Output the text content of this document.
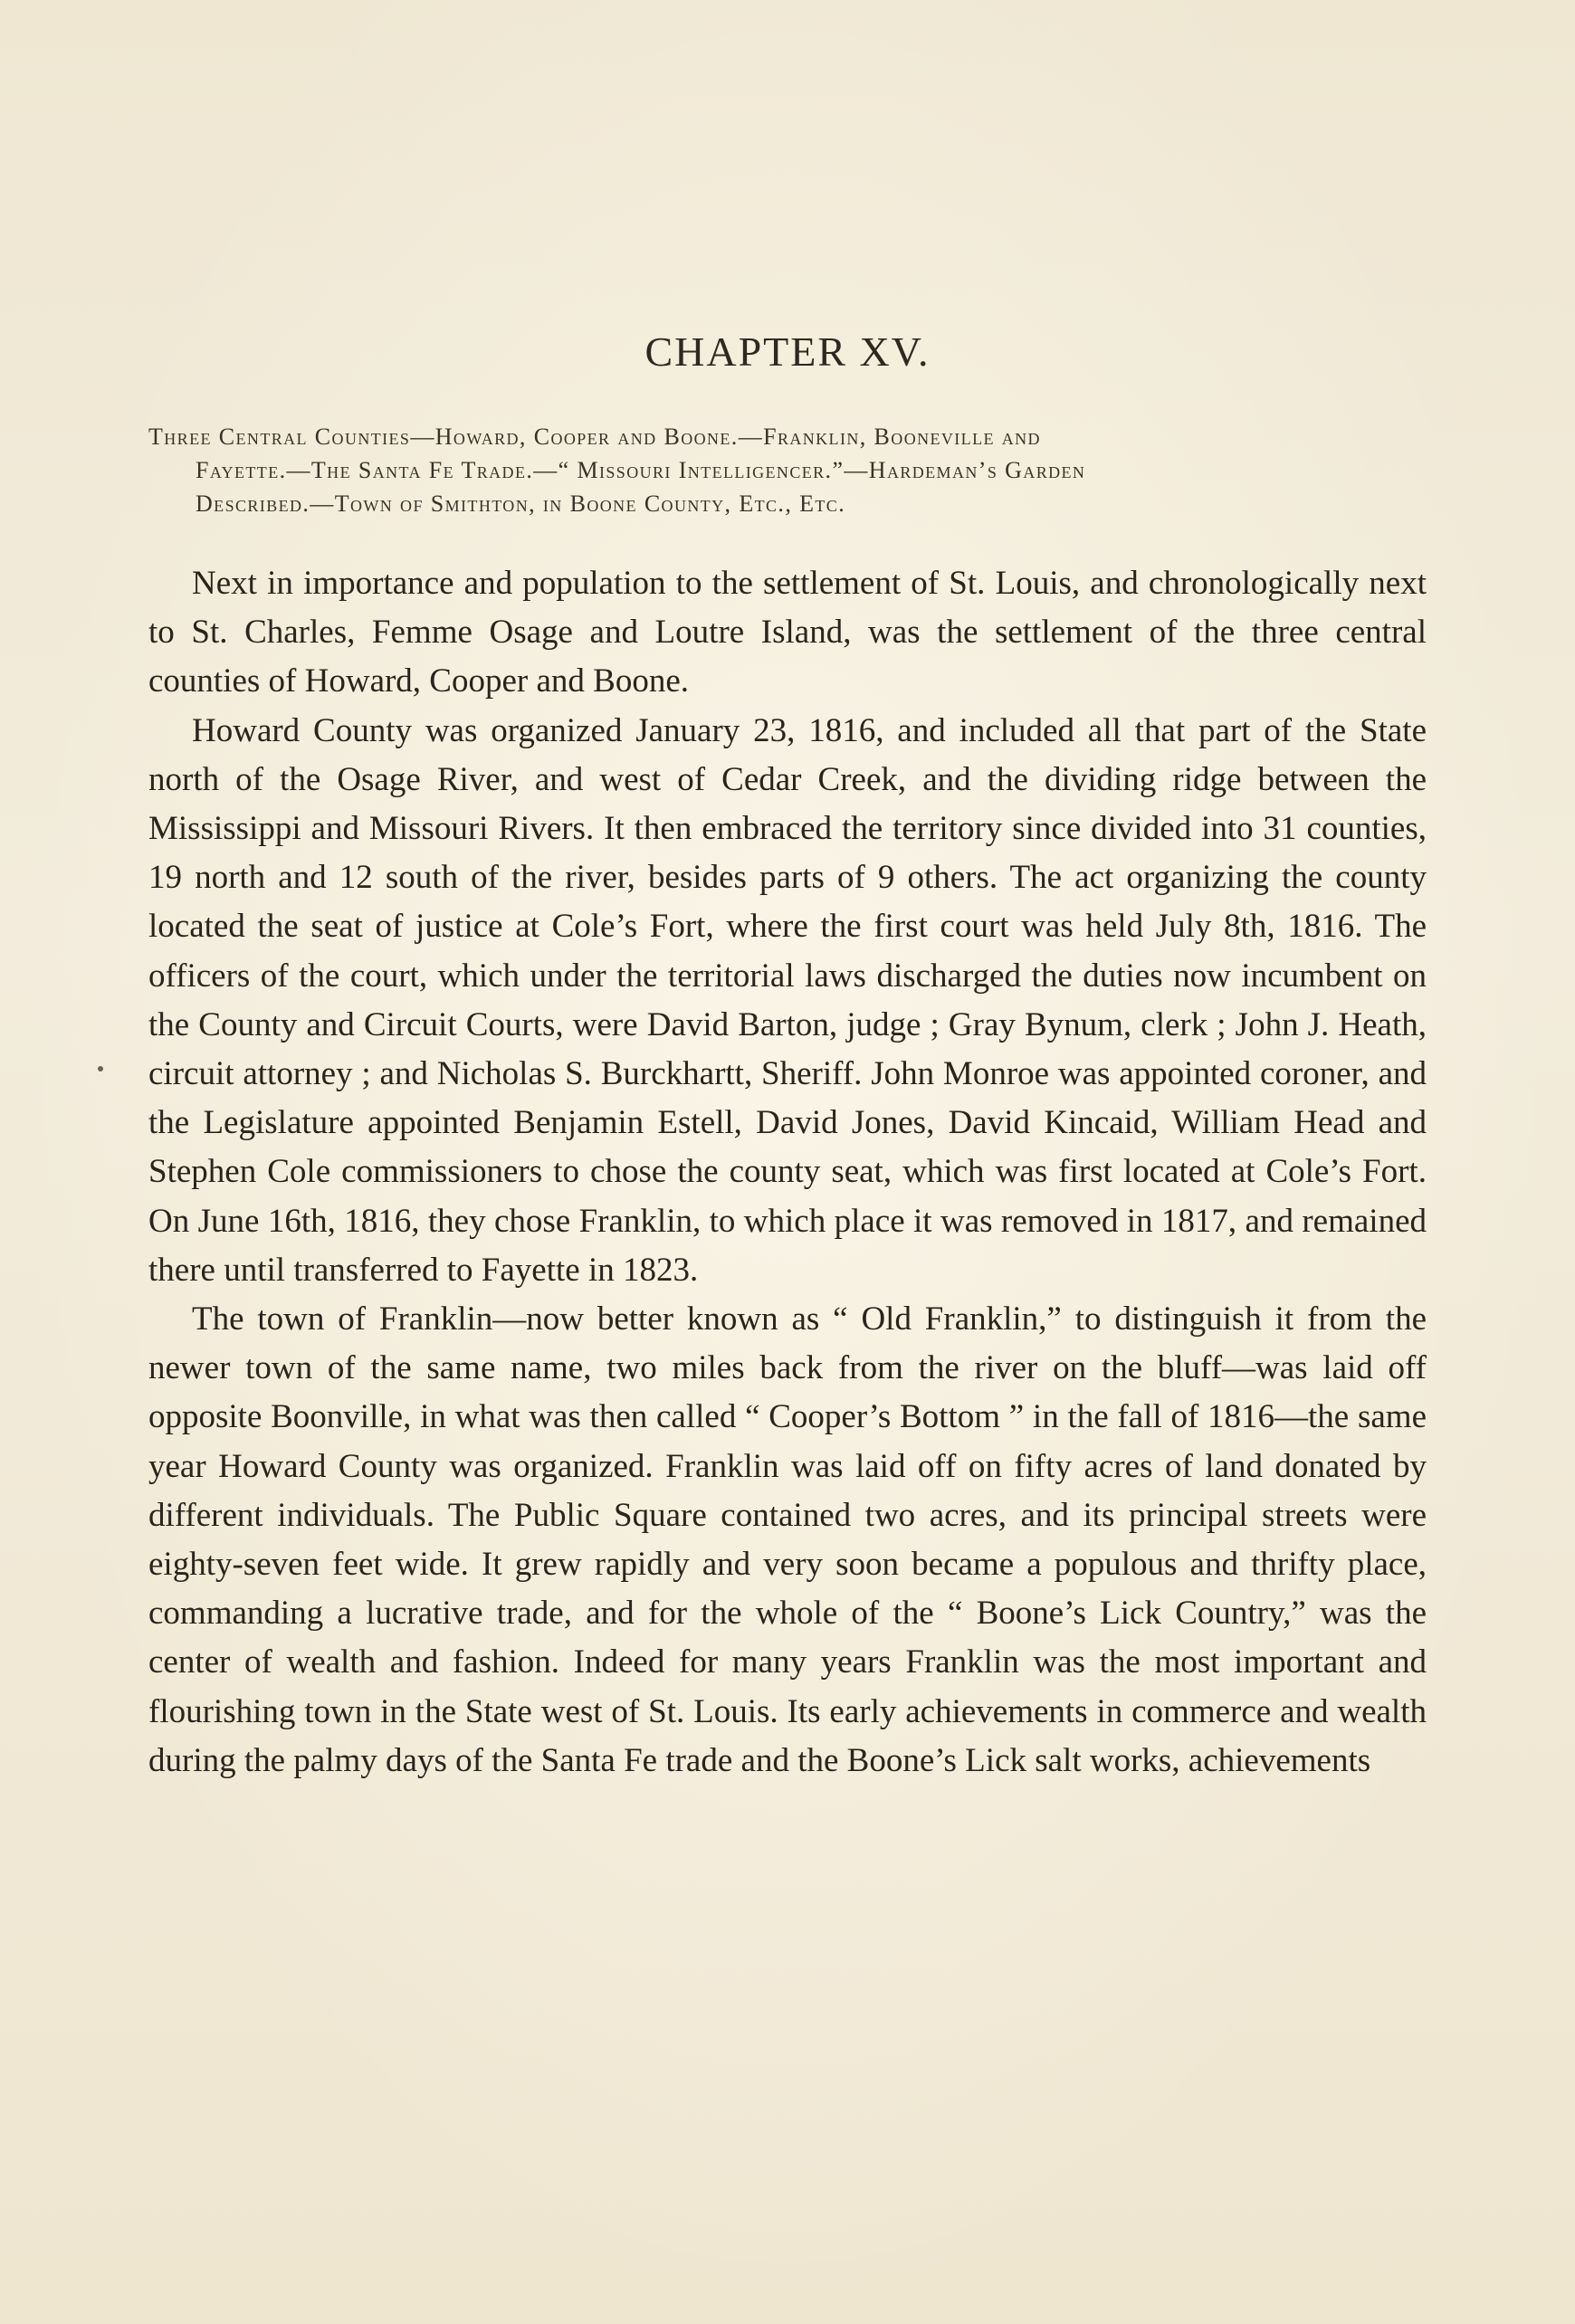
CHAPTER XV.
Three Central Counties—Howard, Cooper and Boone.—Franklin, Booneville and
Fayette.—The Santa Fe Trade.—“ Missouri Intelligencer.”—Hardeman’s Garden
Described.—Town of Smithton, in Boone County, Etc., Etc.

Next in importance and population to the settlement of St. Louis, and chronologically next to St. Charles, Femme Osage and Loutre Island, was the settlement of the three central counties of Howard, Cooper and Boone.

Howard County was organized January 23, 1816, and included all that part of the State north of the Osage River, and west of Cedar Creek, and the dividing ridge between the Mississippi and Missouri Rivers. It then embraced the territory since divided into 31 counties, 19 north and 12 south of the river, besides parts of 9 others. The act organizing the county located the seat of justice at Cole’s Fort, where the first court was held July 8th, 1816. The officers of the court, which under the territorial laws discharged the duties now incumbent on the County and Circuit Courts, were David Barton, judge ; Gray Bynum, clerk ; John J. Heath, circuit attorney ; and Nicholas S. Burckhartt, Sheriff. John Monroe was appointed coroner, and the Legislature appointed Benjamin Estell, David Jones, David Kincaid, William Head and Stephen Cole commissioners to chose the county seat, which was first located at Cole’s Fort. On June 16th, 1816, they chose Franklin, to which place it was removed in 1817, and remained there until transferred to Fayette in 1823.

The town of Franklin—now better known as “ Old Franklin,” to distinguish it from the newer town of the same name, two miles back from the river on the bluff—was laid off opposite Boonville, in what was then called “ Cooper’s Bottom ” in the fall of 1816—the same year Howard County was organized. Franklin was laid off on fifty acres of land donated by different individuals. The Public Square contained two acres, and its principal streets were eighty-seven feet wide. It grew rapidly and very soon became a populous and thrifty place, commanding a lucrative trade, and for the whole of the “ Boone’s Lick Country,” was the center of wealth and fashion. Indeed for many years Franklin was the most important and flourishing town in the State west of St. Louis. Its early achievements in commerce and wealth during the palmy days of the Santa Fe trade and the Boone’s Lick salt works, achievements
